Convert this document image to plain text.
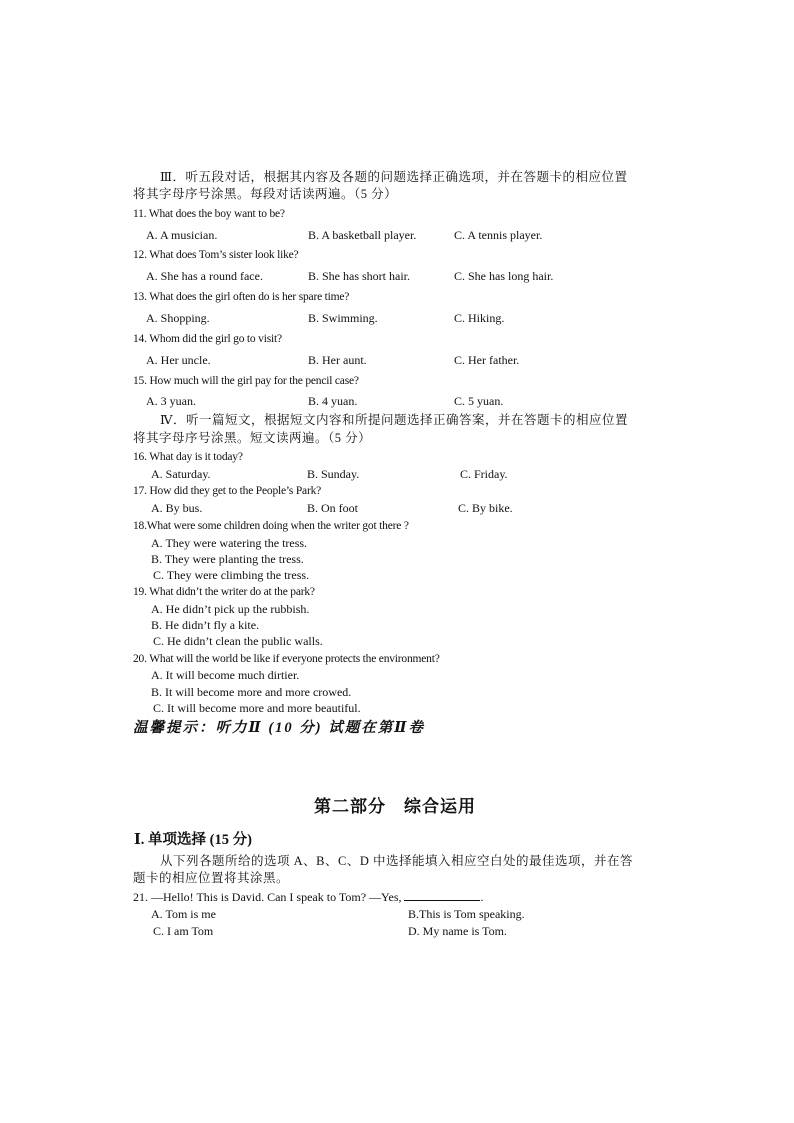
Ⅲ．听五段对话，根据其内容及各题的问题选择正确选项，并在答题卡的相应位置
将其字母序号涂黑。每段对话读两遍。（5 分）
11. What does the boy want to be?
A. A musician.	B. A basketball player.	C. A tennis player.
12. What does Tom’s sister look like?
A. She has a round face.	B. She has short hair.	C. She has long hair.
13. What does the girl often do is her spare time?
A. Shopping.	B. Swimming.	C. Hiking.
14. Whom did the girl go to visit?
A. Her uncle.	B. Her aunt.	C. Her father.
15. How much will the girl pay for the pencil case?
A. 3 yuan.	B. 4 yuan.	C. 5 yuan.
Ⅳ．听一篇短文，根据短文内容和所提问题选择正确答案，并在答题卡的相应位置
将其字母序号涂黑。短文读两遍。（5 分）
16. What day is it today?
A. Saturday.	B. Sunday.	C. Friday.
17. How did they get to the People’s Park?
A. By bus.	B. On foot	C. By bike.
18.What were some children doing when the writer got there ?
A. They were watering the tress.
B. They were planting the tress.
C. They were climbing the tress.
19. What didn’t the writer do at the park?
A. He didn’t pick up the rubbish.
B. He didn’t fly a kite.
C. He didn’t clean the public walls.
20. What will the world be like if everyone protects the environment?
A. It will become much dirtier.
B. It will become more and more crowed.
C. It will become more and more beautiful.
温馨提示：听力Ⅱ (10 分) 试题在第Ⅱ卷
第二部分　综合运用
Ⅰ. 单项选择 (15 分)
从下列各题所给的选项 A、B、C、D 中选择能填入相应空白处的最佳选项，并在答
题卡的相应位置将其涂黑。
21. —Hello! This is David. Can I speak to Tom? —Yes,	.
A. Tom is me	B.This is Tom speaking.
C. I am Tom	D. My name is Tom.
